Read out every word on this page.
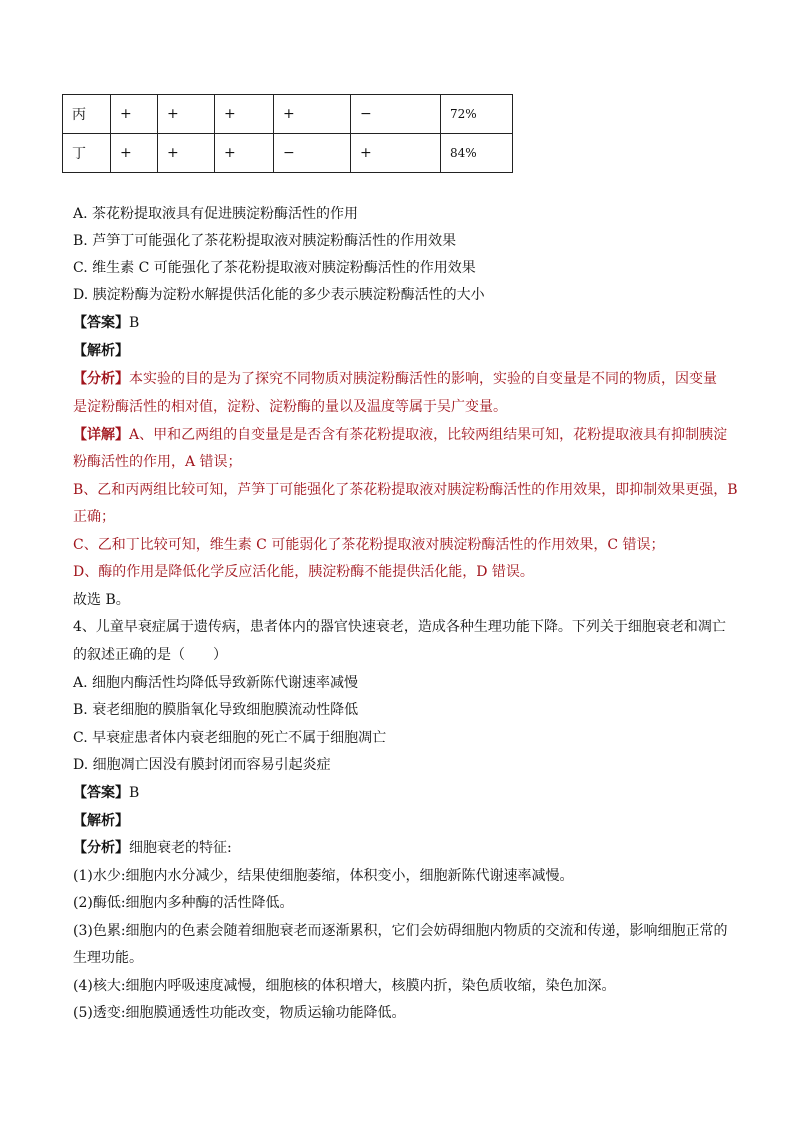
丙	+	+	+	+	−	72%
丁	+	+	+	−	+	84%
A. 茶花粉提取液具有促进胰淀粉酶活性的作用
B. 芦笋丁可能强化了茶花粉提取液对胰淀粉酶活性的作用效果
C. 维生素 C 可能强化了茶花粉提取液对胰淀粉酶活性的作用效果
D. 胰淀粉酶为淀粉水解提供活化能的多少表示胰淀粉酶活性的大小
【答案】B
【解析】
【分析】本实验的目的是为了探究不同物质对胰淀粉酶活性的影响，实验的自变量是不同的物质，因变量
是淀粉酶活性的相对值，淀粉、淀粉酶的量以及温度等属于吴广变量。
【详解】A、甲和乙两组的自变量是是否含有茶花粉提取液，比较两组结果可知，花粉提取液具有抑制胰淀
粉酶活性的作用，A 错误；
B、乙和丙两组比较可知，芦笋丁可能强化了茶花粉提取液对胰淀粉酶活性的作用效果，即抑制效果更强，B
正确；
C、乙和丁比较可知，维生素 C 可能弱化了茶花粉提取液对胰淀粉酶活性的作用效果，C 错误；
D、酶的作用是降低化学反应活化能，胰淀粉酶不能提供活化能，D 错误。
故选 B。
4、儿童早衰症属于遗传病，患者体内的器官快速衰老，造成各种生理功能下降。下列关于细胞衰老和凋亡
的叙述正确的是（　　）
A. 细胞内酶活性均降低导致新陈代谢速率减慢
B. 衰老细胞的膜脂氧化导致细胞膜流动性降低
C. 早衰症患者体内衰老细胞的死亡不属于细胞凋亡
D. 细胞凋亡因没有膜封闭而容易引起炎症
【答案】B
【解析】
【分析】细胞衰老的特征:
(1)水少:细胞内水分减少，结果使细胞萎缩，体积变小，细胞新陈代谢速率减慢。
(2)酶低:细胞内多种酶的活性降低。
(3)色累:细胞内的色素会随着细胞衰老而逐渐累积，它们会妨碍细胞内物质的交流和传递，影响细胞正常的
生理功能。
(4)核大:细胞内呼吸速度减慢，细胞核的体积增大，核膜内折，染色质收缩，染色加深。
(5)透变:细胞膜通透性功能改变，物质运输功能降低。
